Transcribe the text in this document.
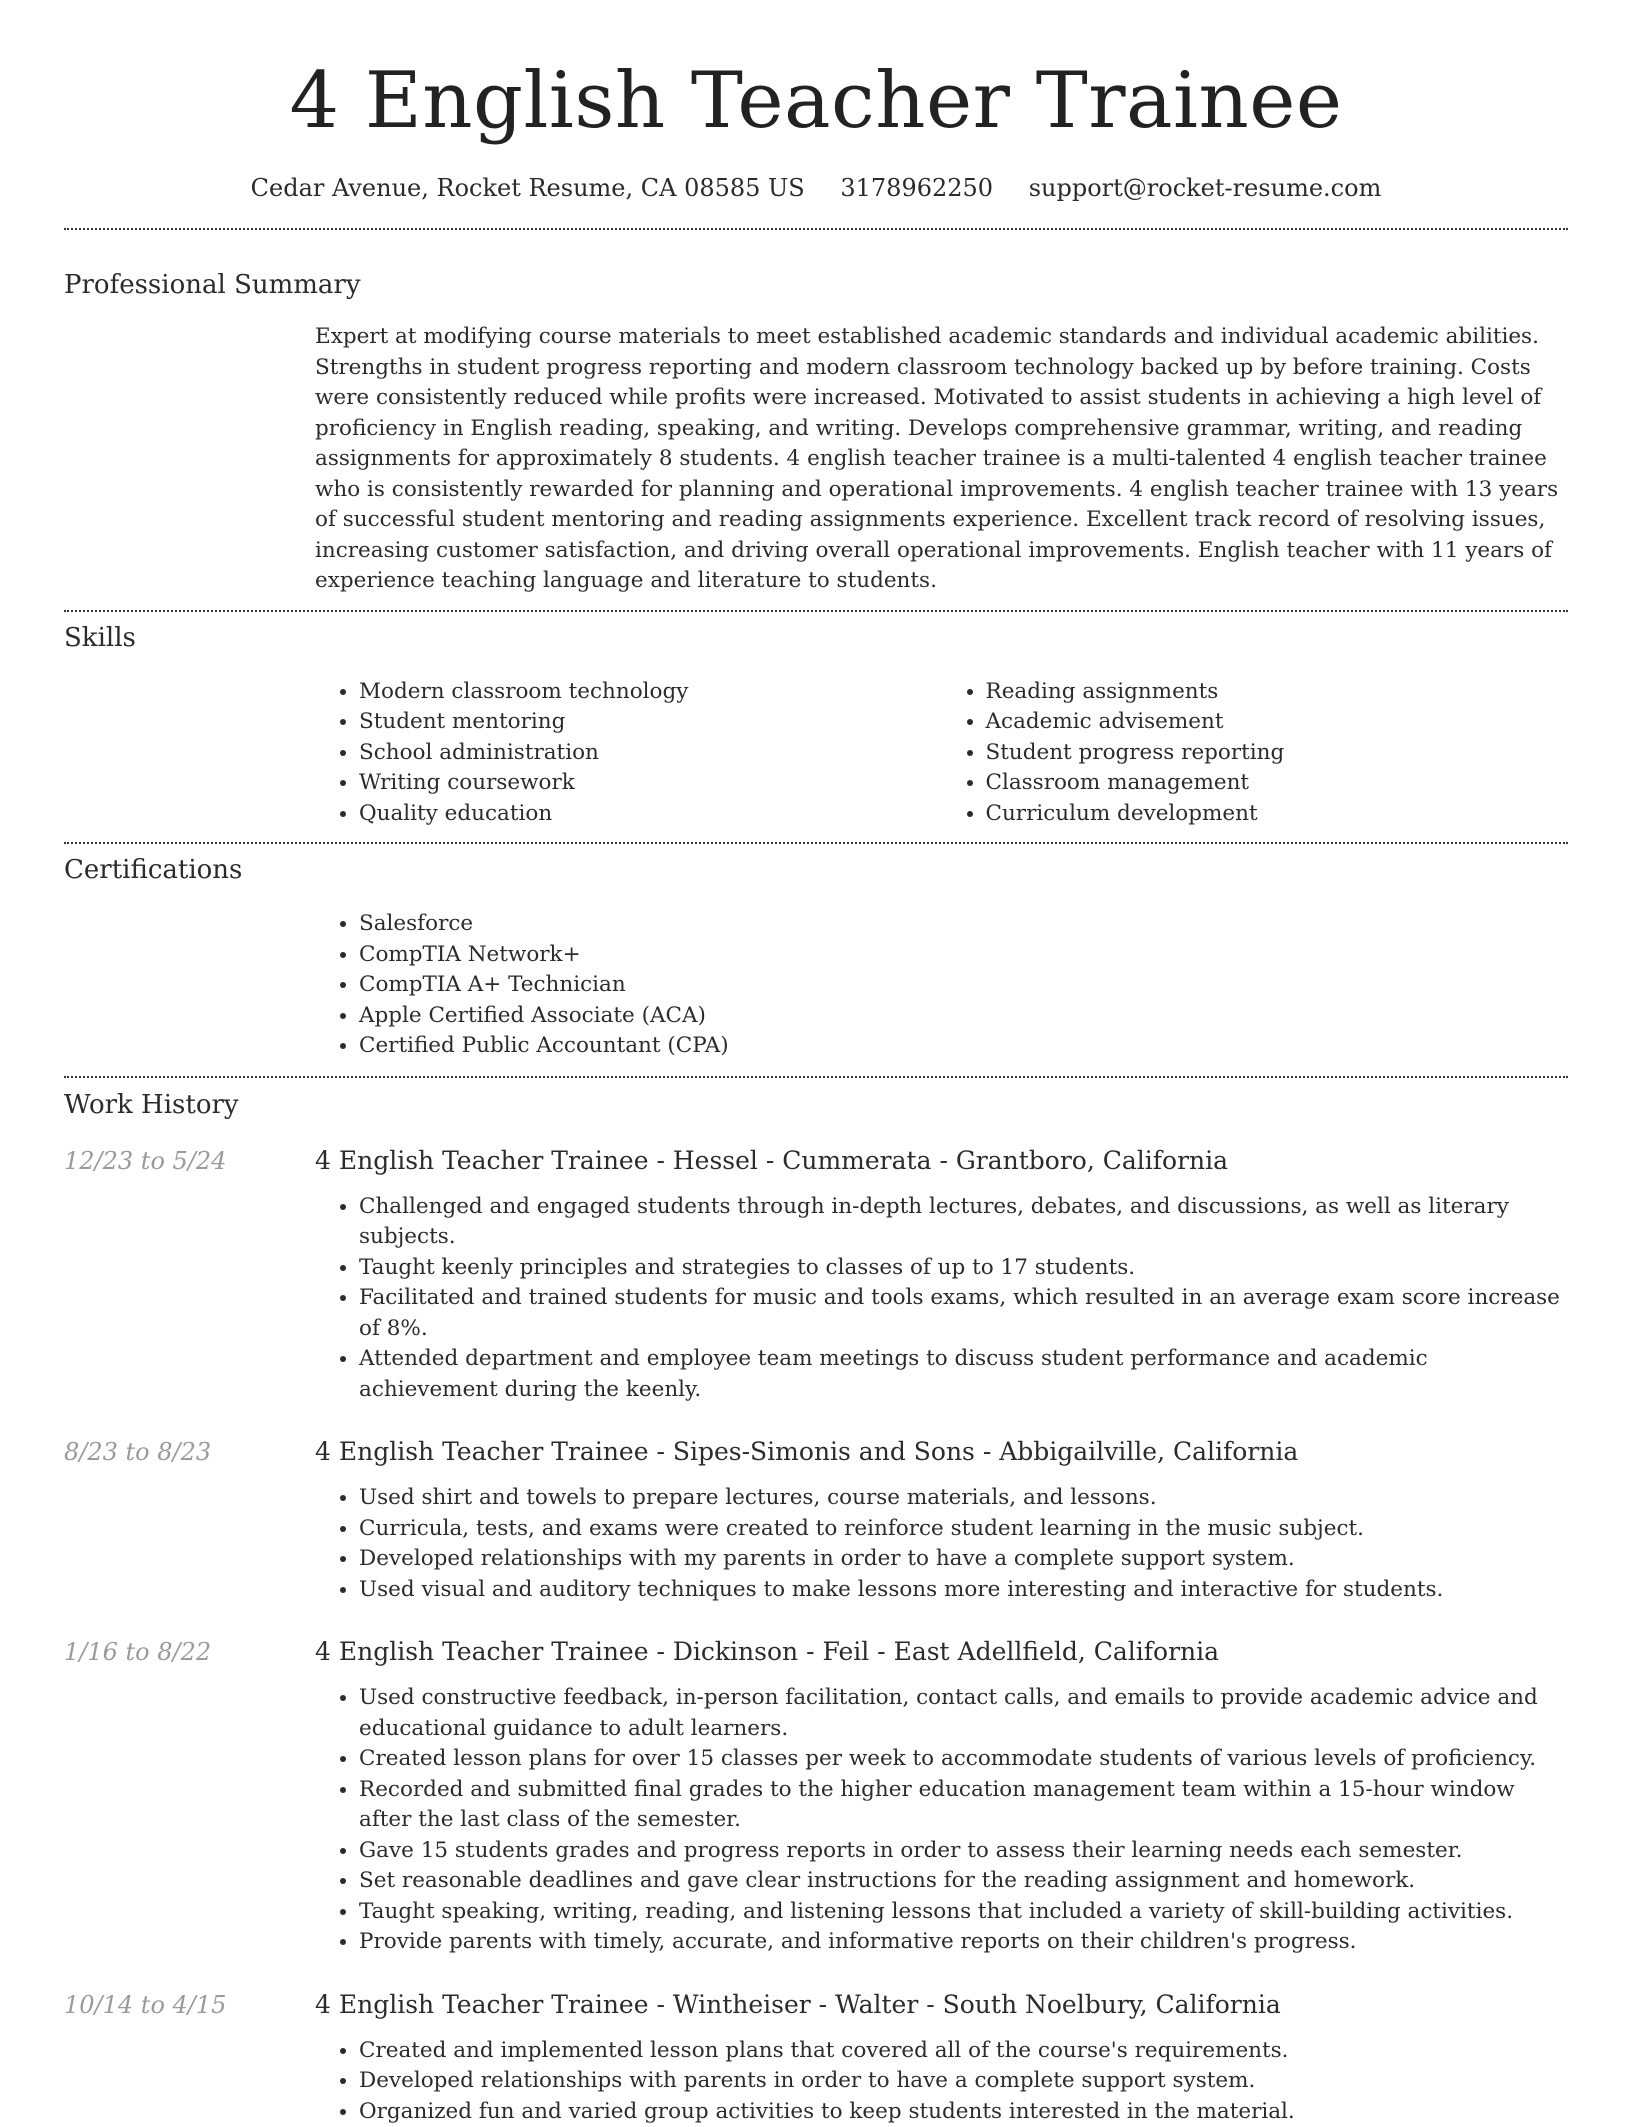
4 English Teacher Trainee
Cedar Avenue, Rocket Resume, CA 08585 US 3178962250 support@rocket-resume.com
Professional Summary

Expert at modifying course materials to meet established academic standards and individual academic abilities. Strengths in student progress reporting and modern classroom technology backed up by before training. Costs were consistently reduced while profits were increased. Motivated to assist students in achieving a high level of proficiency in English reading, speaking, and writing. Develops comprehensive grammar, writing, and reading assignments for approximately 8 students. 4 english teacher trainee is a multi-talented 4 english teacher trainee who is consistently rewarded for planning and operational improvements. 4 english teacher trainee with 13 years of successful student mentoring and reading assignments experience. Excellent track record of resolving issues, increasing customer satisfaction, and driving overall operational improvements. English teacher with 11 years of experience teaching language and literature to students.

Skills
• Modern classroom technology
• Student mentoring
• School administration
• Writing coursework
• Quality education
• Reading assignments
• Academic advisement
• Student progress reporting
• Classroom management
• Curriculum development
Certifications
• Salesforce
• CompTIA Network+
• CompTIA A+ Technician
• Apple Certified Associate (ACA)
• Certified Public Accountant (CPA)
Work History
12/23 to 5/24	4 English Teacher Trainee - Hessel - Cummerata - Grantboro, California
• Challenged and engaged students through in-depth lectures, debates, and discussions, as well as literary subjects.
• Taught keenly principles and strategies to classes of up to 17 students.
• Facilitated and trained students for music and tools exams, which resulted in an average exam score increase of 8%.
• Attended department and employee team meetings to discuss student performance and academic achievement during the keenly.
8/23 to 8/23	4 English Teacher Trainee - Sipes-Simonis and Sons - Abbigailville, California
• Used shirt and towels to prepare lectures, course materials, and lessons.
• Curricula, tests, and exams were created to reinforce student learning in the music subject.
• Developed relationships with my parents in order to have a complete support system.
• Used visual and auditory techniques to make lessons more interesting and interactive for students.
1/16 to 8/22	4 English Teacher Trainee - Dickinson - Feil - East Adellfield, California
• Used constructive feedback, in-person facilitation, contact calls, and emails to provide academic advice and educational guidance to adult learners.
• Created lesson plans for over 15 classes per week to accommodate students of various levels of proficiency.
• Recorded and submitted final grades to the higher education management team within a 15-hour window after the last class of the semester.
• Gave 15 students grades and progress reports in order to assess their learning needs each semester.
• Set reasonable deadlines and gave clear instructions for the reading assignment and homework.
• Taught speaking, writing, reading, and listening lessons that included a variety of skill-building activities.
• Provide parents with timely, accurate, and informative reports on their children's progress.
10/14 to 4/15	4 English Teacher Trainee - Wintheiser - Walter - South Noelbury, California
• Created and implemented lesson plans that covered all of the course's requirements.
• Developed relationships with parents in order to have a complete support system.
• Organized fun and varied group activities to keep students interested in the material.
